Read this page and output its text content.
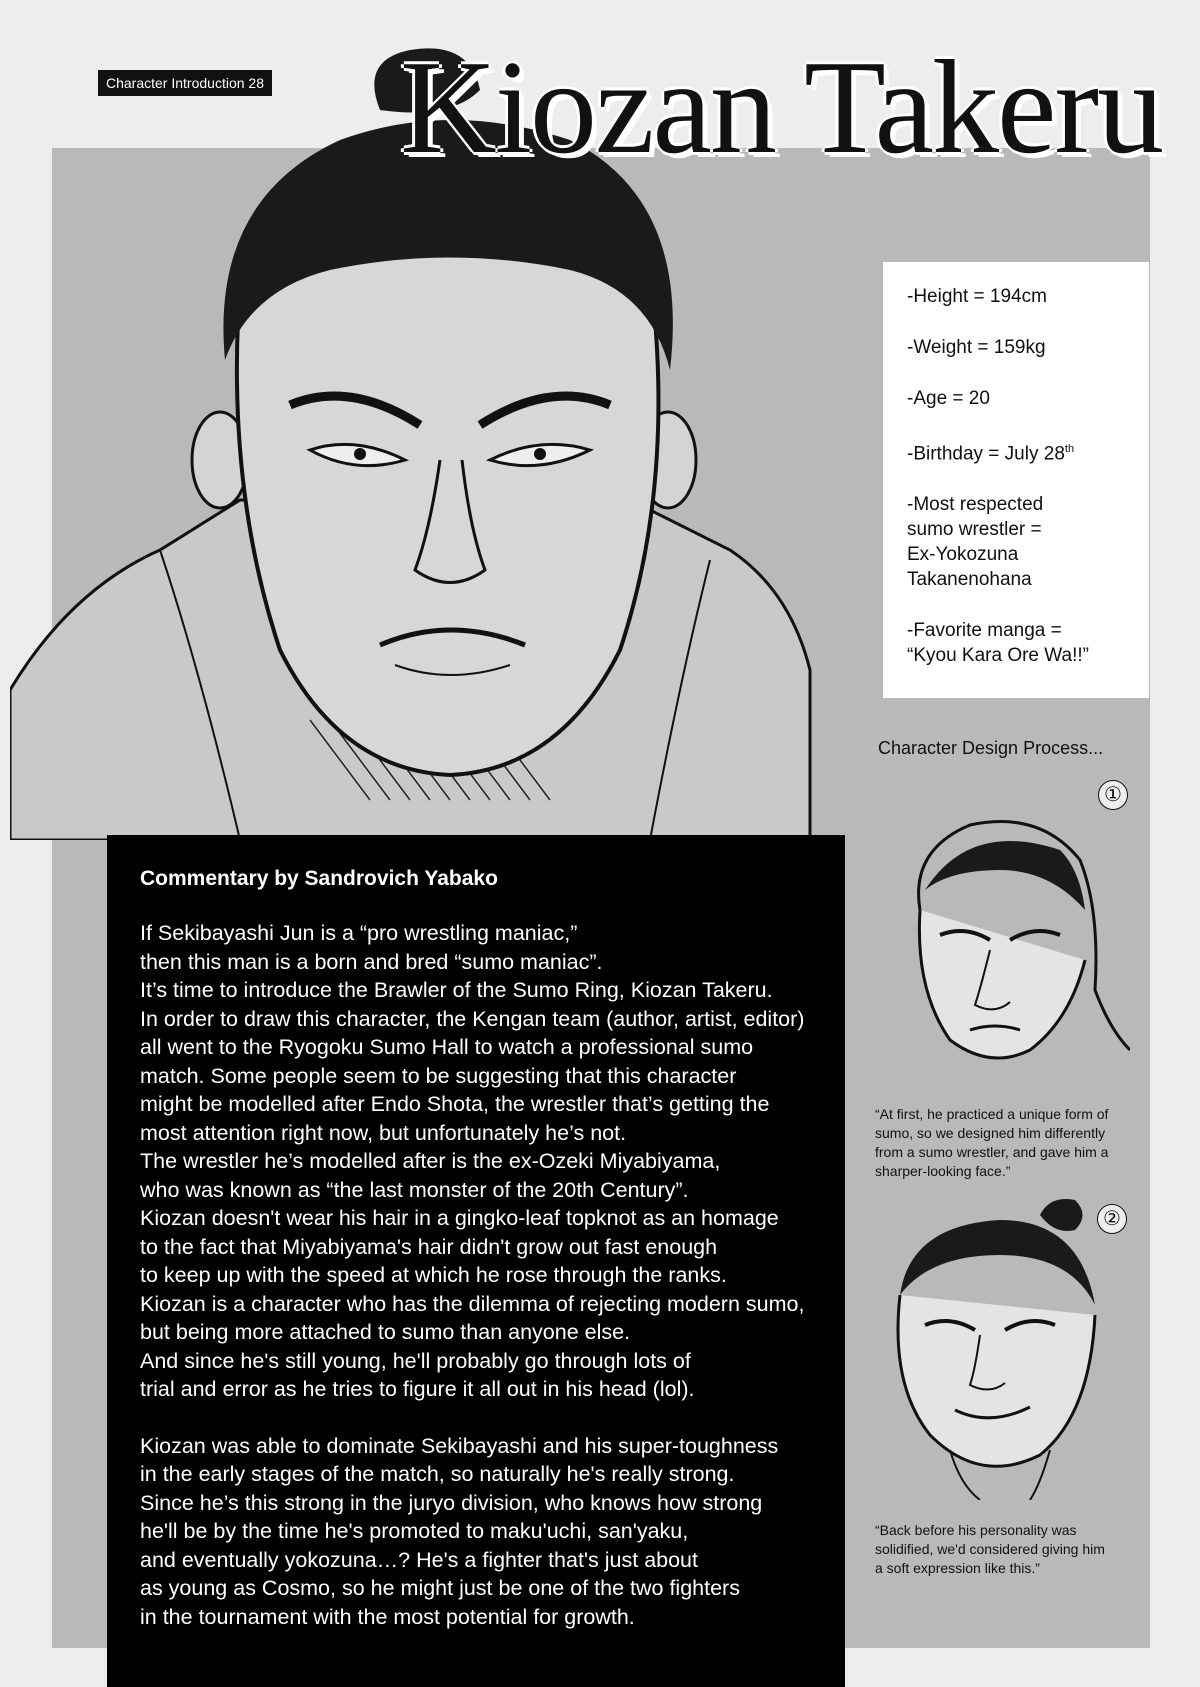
Character Introduction 28 Kiozan Takeru
-Height = 194cm
-Weight = 159kg
-Age = 20
-Birthday = July 28th
-Most respected
sumo wrestler =
Ex-Yokozuna
Takanenohana
-Favorite manga =
“Kyou Kara Ore Wa!!”
Character Design Process...
①
“At first, he practiced a unique form of sumo, so we designed him differently from a sumo wrestler, and gave him a sharper-looking face.”
②
“Back before his personality was solidified, we'd considered giving him a soft expression like this.”
Commentary by Sandrovich Yabako

If Sekibayashi Jun is a “pro wrestling maniac,”
then this man is a born and bred “sumo maniac”.
It’s time to introduce the Brawler of the Sumo Ring, Kiozan Takeru.
In order to draw this character, the Kengan team (author, artist, editor)
all went to the Ryogoku Sumo Hall to watch a professional sumo
match. Some people seem to be suggesting that this character
might be modelled after Endo Shota, the wrestler that’s getting the
most attention right now, but unfortunately he’s not.
The wrestler he’s modelled after is the ex-Ozeki Miyabiyama,
who was known as “the last monster of the 20th Century”.
Kiozan doesn't wear his hair in a gingko-leaf topknot as an homage
to the fact that Miyabiyama's hair didn't grow out fast enough
to keep up with the speed at which he rose through the ranks.
Kiozan is a character who has the dilemma of rejecting modern sumo,
but being more attached to sumo than anyone else.
And since he's still young, he'll probably go through lots of
trial and error as he tries to figure it all out in his head (lol).

Kiozan was able to dominate Sekibayashi and his super-toughness
in the early stages of the match, so naturally he's really strong.
Since he’s this strong in the juryo division, who knows how strong
he'll be by the time he's promoted to maku'uchi, san'yaku,
and eventually yokozuna…? He's a fighter that's just about
as young as Cosmo, so he might just be one of the two fighters
in the tournament with the most potential for growth.
